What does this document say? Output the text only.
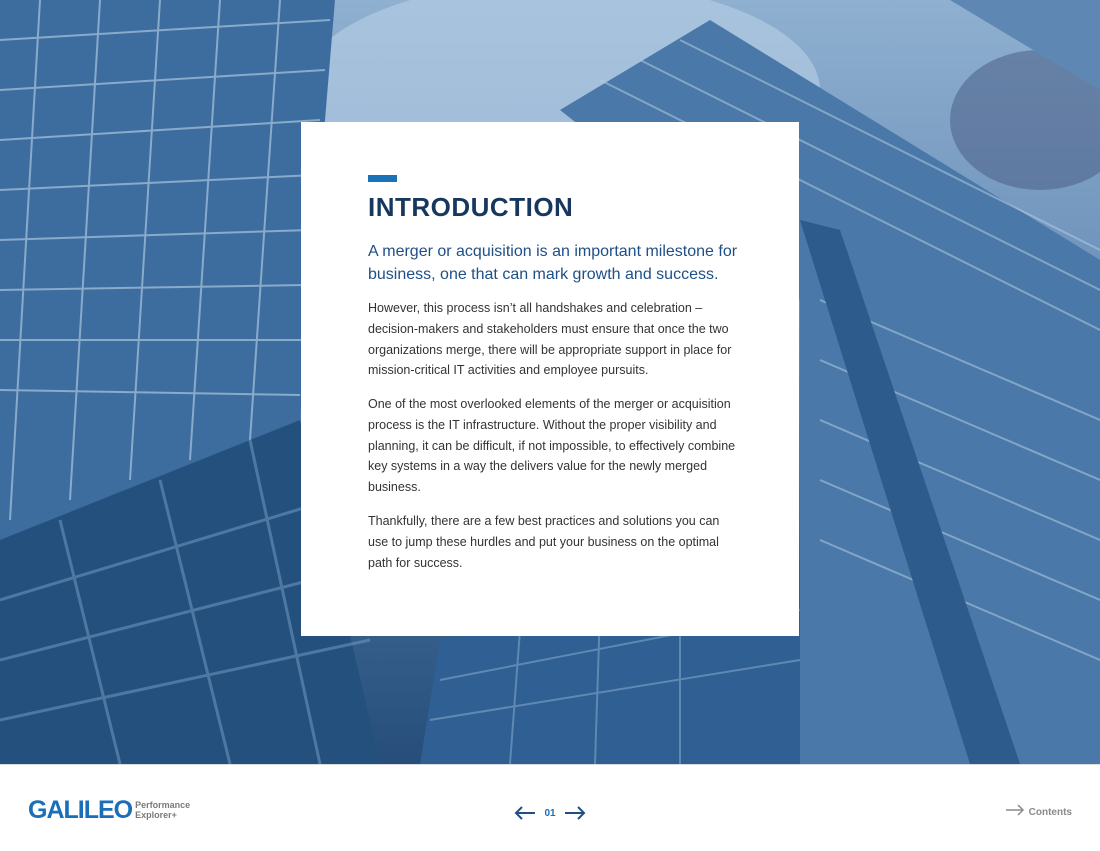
INTRODUCTION

A merger or acquisition is an important milestone for business, one that can mark growth and success.

However, this process isn’t all handshakes and celebration – decision-makers and stakeholders must ensure that once the two organizations merge, there will be appropriate support in place for mission-critical IT activities and employee pursuits.

One of the most overlooked elements of the merger or acquisition process is the IT infrastructure. Without the proper visibility and planning, it can be difficult, if not impossible, to effectively combine key systems in a way the delivers value for the newly merged business.

Thankfully, there are a few best practices and solutions you can use to jump these hurdles and put your business on the optimal path for success.

GALILEO Performance
Explorer+	01	Contents
